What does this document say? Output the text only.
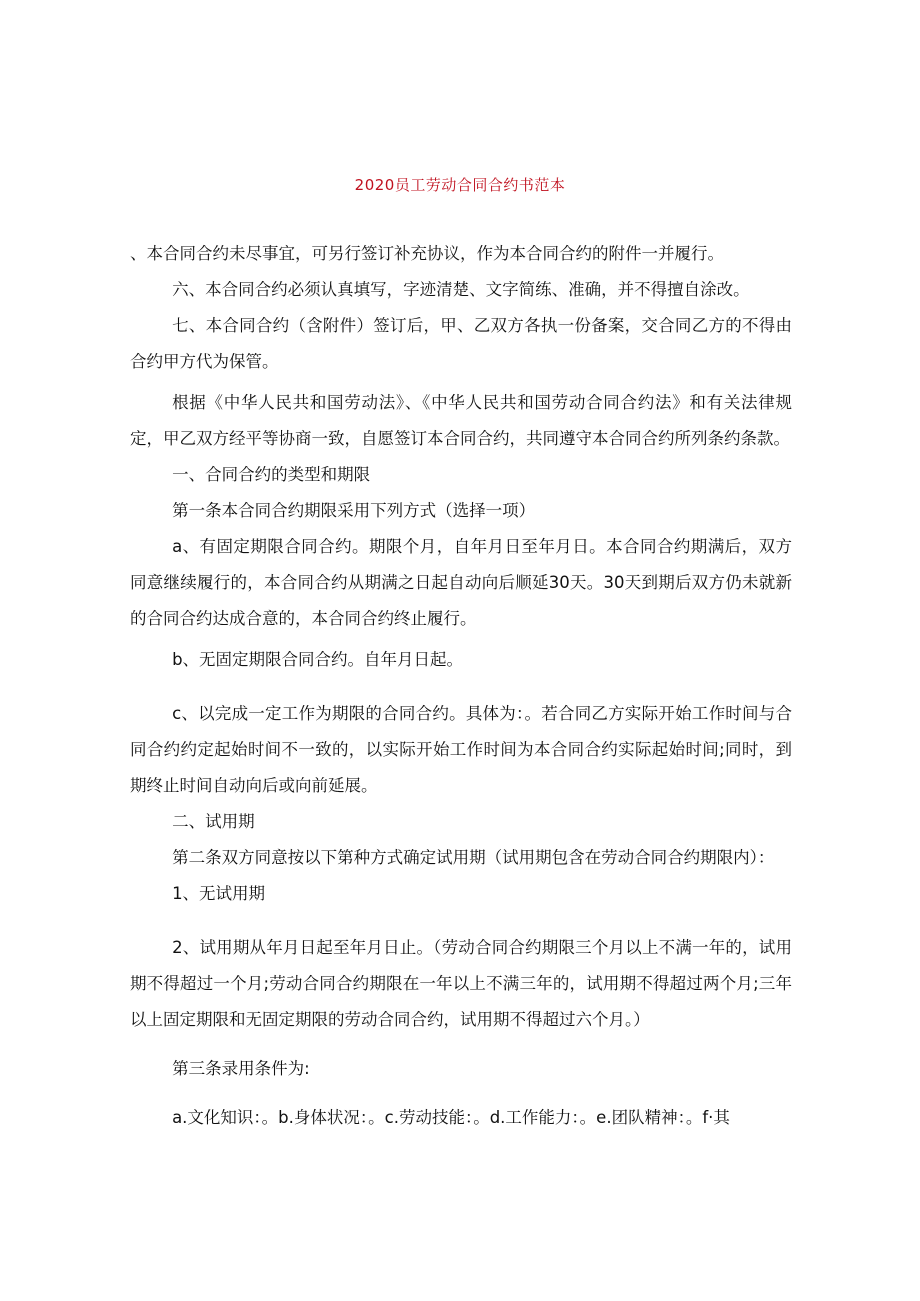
2020员工劳动合同合约书范本

、本合同合约未尽事宜，可另行签订补充协议，作为本合同合约的附件一并履行。

六、本合同合约必须认真填写，字迹清楚、文字简练、准确，并不得擅自涂改。

七、本合同合约（含附件）签订后，甲、乙双方各执一份备案，交合同乙方的不得由合约甲方代为保管。

根据《中华人民共和国劳动法》、《中华人民共和国劳动合同合约法》和有关法律规定，甲乙双方经平等协商一致，自愿签订本合同合约，共同遵守本合同合约所列条约条款。

一、合同合约的类型和期限

第一条本合同合约期限采用下列方式（选择一项）

a、有固定期限合同合约。期限个月，自年月日至年月日。本合同合约期满后，双方同意继续履行的，本合同合约从期满之日起自动向后顺延30天。30天到期后双方仍未就新的合同合约达成合意的，本合同合约终止履行。

b、无固定期限合同合约。自年月日起。

c、以完成一定工作为期限的合同合约。具体为：。若合同乙方实际开始工作时间与合同合约约定起始时间不一致的，以实际开始工作时间为本合同合约实际起始时间;同时，到期终止时间自动向后或向前延展。

二、试用期

第二条双方同意按以下第种方式确定试用期（试用期包含在劳动合同合约期限内）：

1、无试用期

2、试用期从年月日起至年月日止。（劳动合同合约期限三个月以上不满一年的，试用期不得超过一个月;劳动合同合约期限在一年以上不满三年的，试用期不得超过两个月;三年以上固定期限和无固定期限的劳动合同合约，试用期不得超过六个月。）

第三条录用条件为:

a.文化知识：。b.身体状况：。c.劳动技能：。d.工作能力：。e.团队精神：。f·其
